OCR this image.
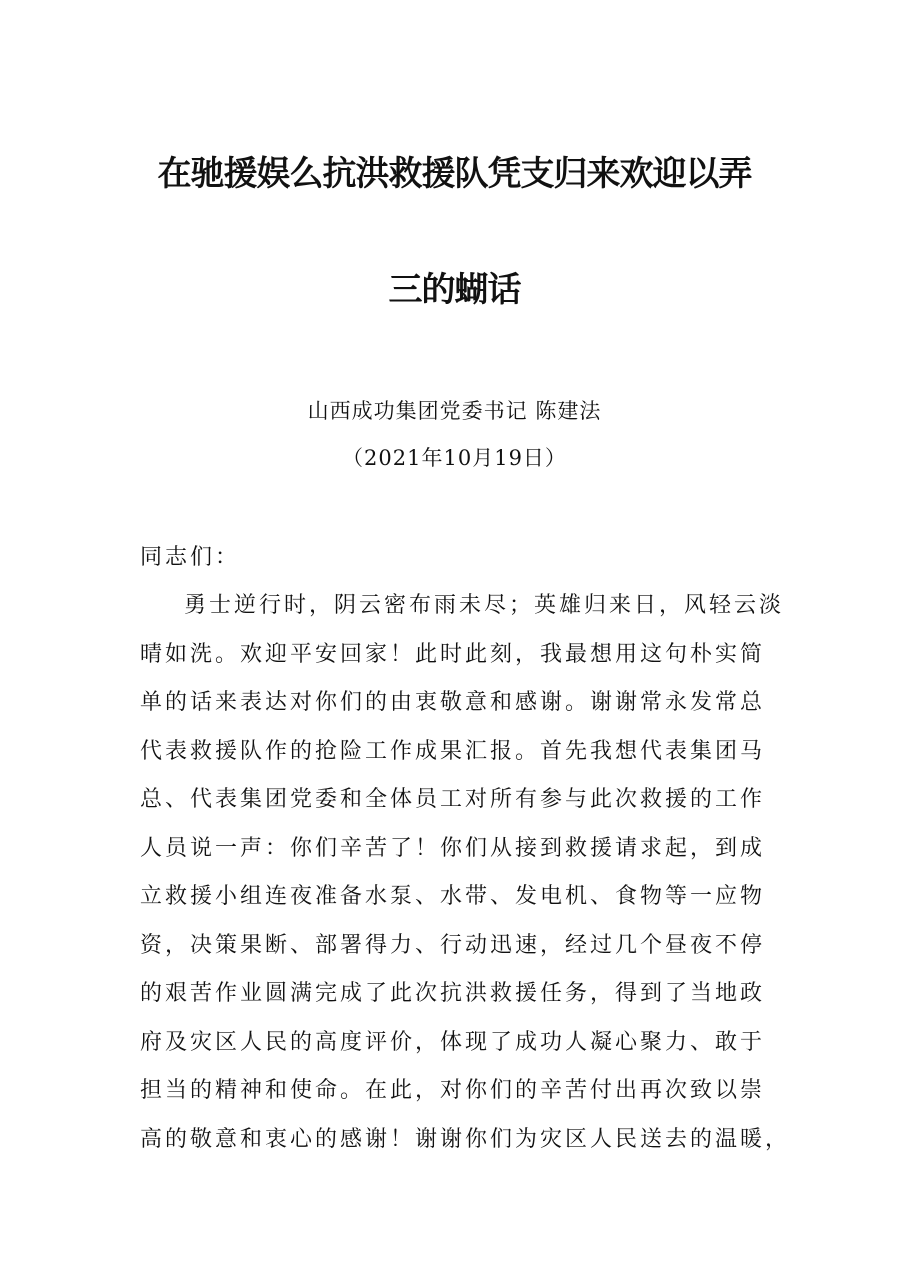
在驰援娱么抗洪救援队凭支归来欢迎以弄
三的蝴话
山西成功集团党委书记 陈建法
（2021年10月19日）
同志们：
勇士逆行时，阴云密布雨未尽；英雄归来日，风轻云淡
晴如洗。欢迎平安回家！此时此刻，我最想用这句朴实简
单的话来表达对你们的由衷敬意和感谢。谢谢常永发常总
代表救援队作的抢险工作成果汇报。首先我想代表集团马
总、代表集团党委和全体员工对所有参与此次救援的工作
人员说一声：你们辛苦了！你们从接到救援请求起，到成
立救援小组连夜准备水泵、水带、发电机、食物等一应物
资，决策果断、部署得力、行动迅速，经过几个昼夜不停
的艰苦作业圆满完成了此次抗洪救援任务，得到了当地政
府及灾区人民的高度评价，体现了成功人凝心聚力、敢于
担当的精神和使命。在此，对你们的辛苦付出再次致以崇
高的敬意和衷心的感谢！谢谢你们为灾区人民送去的温暖，
